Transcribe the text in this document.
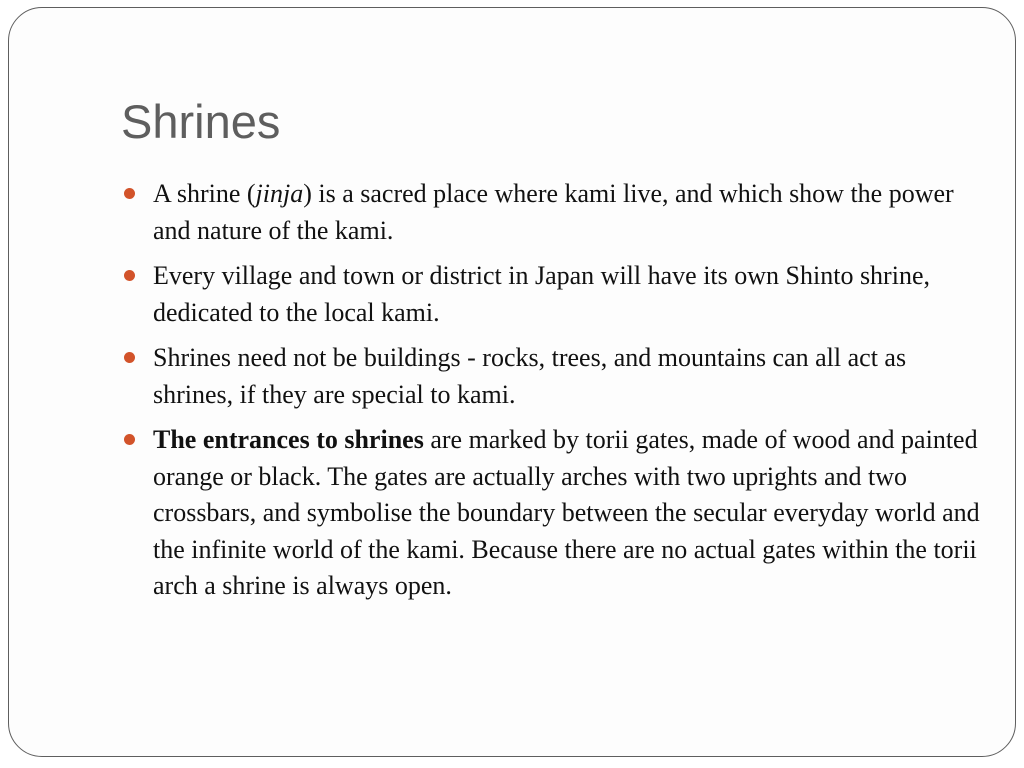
Shrines
A shrine (jinja) is a sacred place where kami live, and which show the power and nature of the kami.
Every village and town or district in Japan will have its own Shinto shrine, dedicated to the local kami.
Shrines need not be buildings - rocks, trees, and mountains can all act as shrines, if they are special to kami.
The entrances to shrines are marked by torii gates, made of wood and painted orange or black. The gates are actually arches with two uprights and two crossbars, and symbolise the boundary between the secular everyday world and the infinite world of the kami. Because there are no actual gates within the torii arch a shrine is always open.
